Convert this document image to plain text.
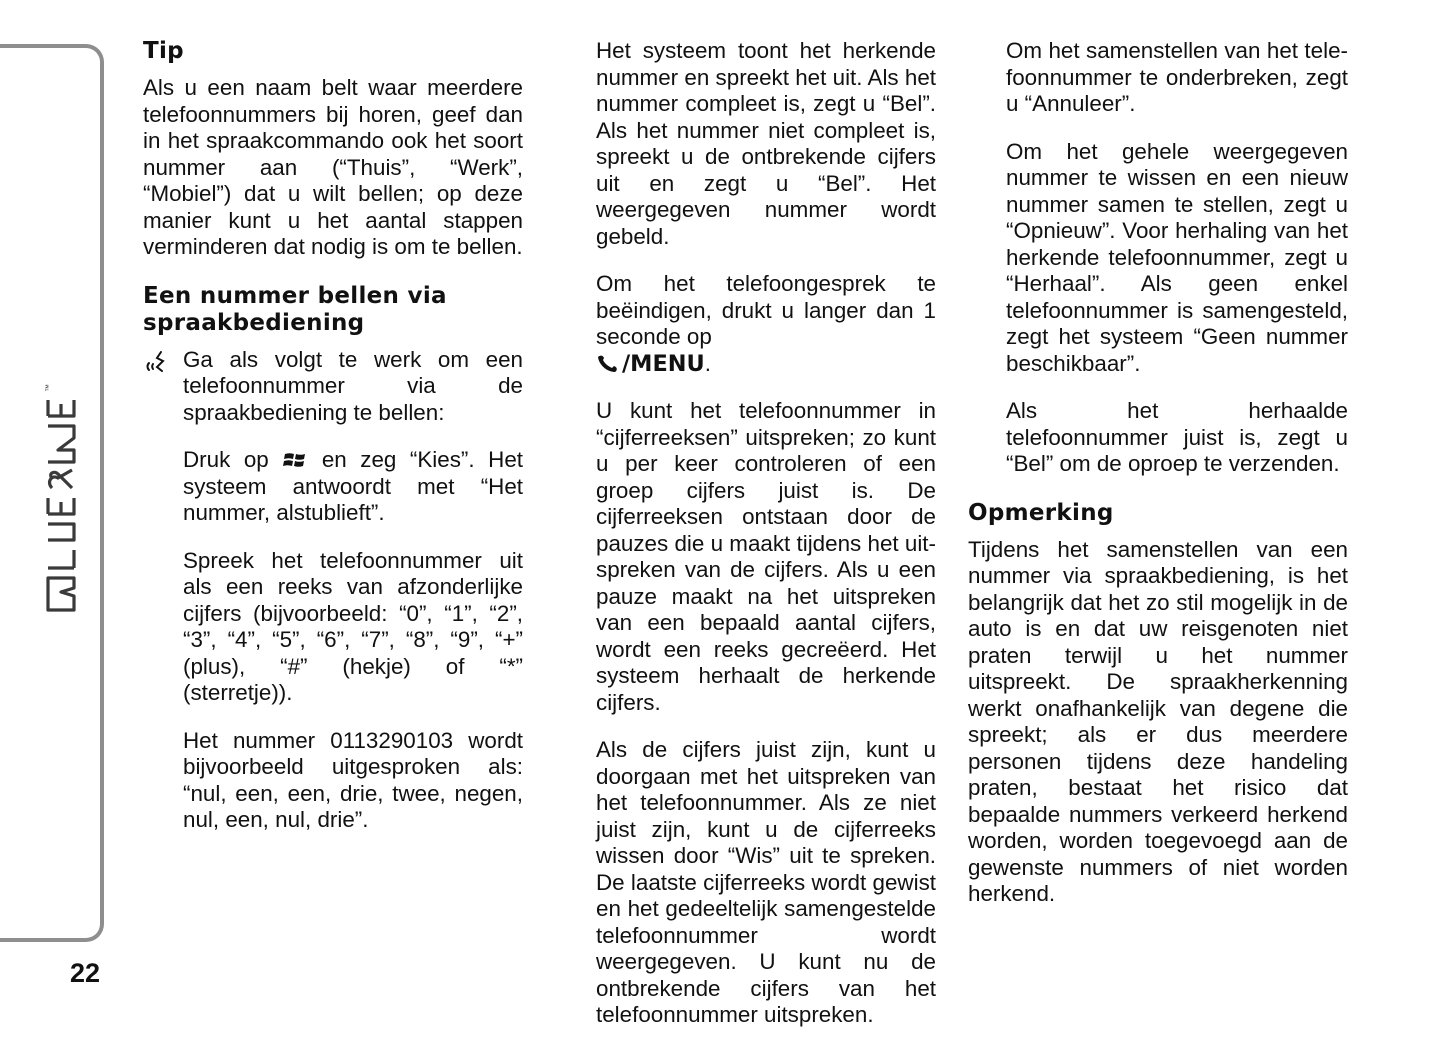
™
22
Tip

Als u een naam belt waar meerdere telefoonnummers bij horen, geef dan in het spraakcommando ook het soort nummer aan (“Thuis”, “Werk”, “Mobiel”) dat u wilt bellen; op deze manier kunt u het aantal stappen verminderen dat nodig is om te bellen.

Een nummer bellen via spraakbediening

Ga als volgt te werk om een telefoonnummer via de spraakbediening te bellen:

Druk op en zeg “Kies”. Het systeem antwoordt met “Het nummer, alstublieft”.

Spreek het telefoonnummer uit als een reeks van afzonderlijke cijfers (bijvoorbeeld: “0”, “1”, “2”, “3”, “4”, “5”, “6”, “7”, “8”, “9”, “+” (plus), “#” (hekje) of “*” (sterretje)).

Het nummer 0113290103 wordt bijvoorbeeld uitgesproken als: “nul, een, een, drie, twee, negen, nul, een, nul, drie”.

Het systeem toont het herkende nummer en spreekt het uit. Als het nummer compleet is, zegt u “Bel”. Als het nummer niet compleet is, spreekt u de ontbrekende cijfers uit en zegt u “Bel”. Het weergegeven nummer wordt gebeld.

Om het telefoongesprek te beëindigen, drukt u langer dan 1 seconde op
/MENU.

U kunt het telefoonnummer in “cijferreeksen” uitspreken; zo kunt u per keer controleren of een groep cijfers juist is. De cijferreeksen ontstaan door de pauzes die u maakt tijdens het uitspreken van de cijfers. Als u een pauze maakt na het uitspreken van een bepaald aantal cijfers, wordt een reeks gecreëerd. Het systeem herhaalt de herkende cijfers.

Als de cijfers juist zijn, kunt u doorgaan met het uitspreken van het telefoonnummer. Als ze niet juist zijn, kunt u de cijferreeks wissen door “Wis” uit te spreken. De laatste cijferreeks wordt gewist en het gedeeltelijk samengestelde telefoonnummer wordt weergegeven. U kunt nu de ontbrekende cijfers van het telefoonnummer uitspreken.

Om het samenstellen van het telefoonnummer te onderbreken, zegt u “Annuleer”.

Om het gehele weergegeven nummer te wissen en een nieuw nummer samen te stellen, zegt u “Opnieuw”. Voor herhaling van het herkende telefoonnummer, zegt u “Herhaal”. Als geen enkel telefoonnummer is samengesteld, zegt het systeem “Geen nummer beschikbaar”.

Als het herhaalde telefoonnummer juist is, zegt u “Bel” om de oproep te verzenden.

Opmerking

Tijdens het samenstellen van een nummer via spraakbediening, is het belangrijk dat het zo stil mogelijk in de auto is en dat uw reisgenoten niet praten terwijl u het nummer uitspreekt. De spraakherkenning werkt onafhankelijk van degene die spreekt; als er dus meerdere personen tijdens deze handeling praten, bestaat het risico dat bepaalde nummers verkeerd herkend worden, worden toegevoegd aan de gewenste nummers of niet worden herkend.
